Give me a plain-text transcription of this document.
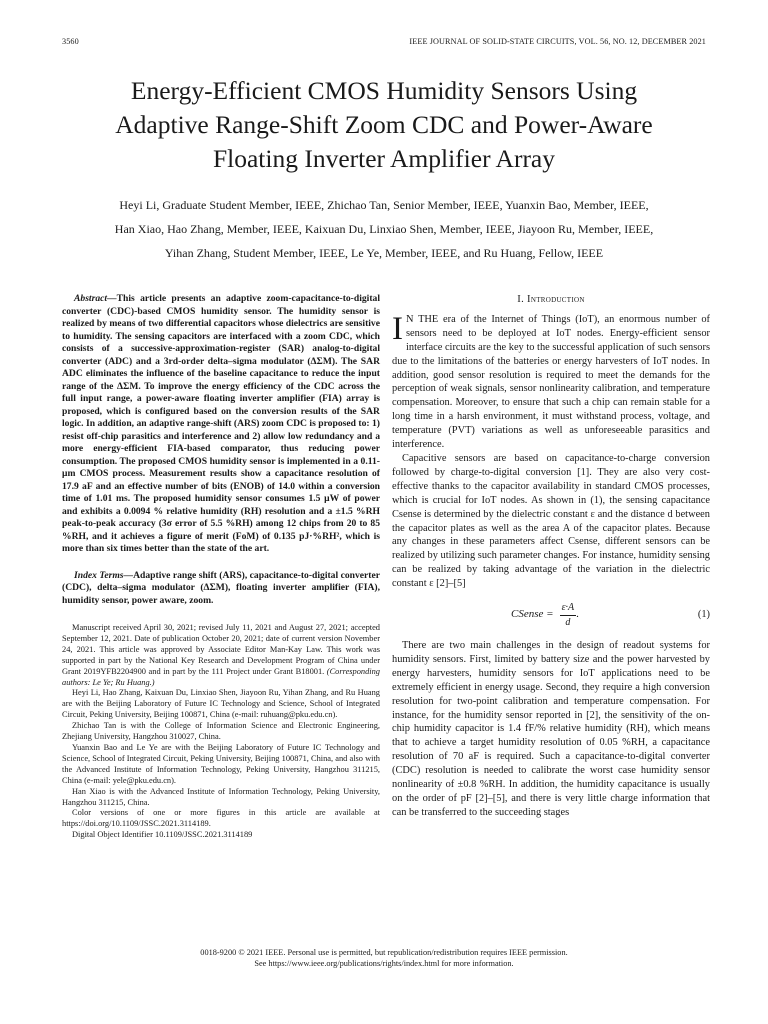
3560	IEEE JOURNAL OF SOLID-STATE CIRCUITS, VOL. 56, NO. 12, DECEMBER 2021
Energy-Efficient CMOS Humidity Sensors Using
Adaptive Range-Shift Zoom CDC and Power-Aware
Floating Inverter Amplifier Array
Heyi Li, Graduate Student Member, IEEE, Zhichao Tan, Senior Member, IEEE, Yuanxin Bao, Member, IEEE,
Han Xiao, Hao Zhang, Member, IEEE, Kaixuan Du, Linxiao Shen, Member, IEEE, Jiayoon Ru, Member, IEEE,
Yihan Zhang, Student Member, IEEE, Le Ye, Member, IEEE, and Ru Huang, Fellow, IEEE

Abstract—This article presents an adaptive zoom-capacitance-to-digital converter (CDC)-based CMOS humidity sensor. The humidity sensor is realized by means of two differential capacitors whose dielectrics are sensitive to humidity. The sensing capacitors are interfaced with a zoom CDC, which consists of a successive-approximation-register (SAR) analog-to-digital converter (ADC) and a 3rd-order delta–sigma modulator (ΔΣM). The SAR ADC eliminates the influence of the baseline capacitance to reduce the input range of the ΔΣM. To improve the energy efficiency of the CDC across the full input range, a power-aware floating inverter amplifier (FIA) array is proposed, which is configured based on the conversion results of the SAR logic. In addition, an adaptive range-shift (ARS) zoom CDC is proposed to: 1) resist off-chip parasitics and interference and 2) allow low redundancy and a more energy-efficient FIA-based comparator, thus reducing power consumption. The proposed CMOS humidity sensor is implemented in a 0.11-μm CMOS process. Measurement results show a capacitance resolution of 17.9 aF and an effective number of bits (ENOB) of 14.0 within a conversion time of 1.01 ms. The proposed humidity sensor consumes 1.5 μW of power and exhibits a 0.0094 % relative humidity (RH) resolution and a ±1.5 %RH peak-to-peak accuracy (3σ error of 5.5 %RH) among 12 chips from 20 to 85 %RH, and it achieves a figure of merit (FoM) of 0.135 pJ·%RH², which is more than six times better than the state of the art.

Index Terms—Adaptive range shift (ARS), capacitance-to-digital converter (CDC), delta–sigma modulator (ΔΣM), floating inverter amplifier (FIA), humidity sensor, power aware, zoom.

Manuscript received April 30, 2021; revised July 11, 2021 and August 27, 2021; accepted September 12, 2021. Date of publication October 20, 2021; date of current version November 24, 2021. This article was approved by Associate Editor Man-Kay Law. This work was supported in part by the National Key Research and Development Program of China under Grant 2019YFB2204900 and in part by the 111 Project under Grant B18001. (Corresponding authors: Le Ye; Ru Huang.)

Heyi Li, Hao Zhang, Kaixuan Du, Linxiao Shen, Jiayoon Ru, Yihan Zhang, and Ru Huang are with the Beijing Laboratory of Future IC Technology and Science, School of Integrated Circuit, Peking University, Beijing 100871, China (e-mail: ruhuang@pku.edu.cn).

Zhichao Tan is with the College of Information Science and Electronic Engineering, Zhejiang University, Hangzhou 310027, China.

Yuanxin Bao and Le Ye are with the Beijing Laboratory of Future IC Technology and Science, School of Integrated Circuit, Peking University, Beijing 100871, China, and also with the Advanced Institute of Information Technology, Peking University, Hangzhou 311215, China (e-mail: yele@pku.edu.cn).

Han Xiao is with the Advanced Institute of Information Technology, Peking University, Hangzhou 311215, China.

Color versions of one or more figures in this article are available at https://doi.org/10.1109/JSSC.2021.3114189.

Digital Object Identifier 10.1109/JSSC.2021.3114189

I. Introduction

I N THE era of the Internet of Things (IoT), an enormous number of sensors need to be deployed at IoT nodes. Energy-efficient sensor interface circuits are the key to the successful application of such sensors due to the limitations of the batteries or energy harvesters of IoT nodes. In addition, good sensor resolution is required to meet the demands for the perception of weak signals, sensor nonlinearity calibration, and temperature compensation. Moreover, to ensure that such a chip can remain stable for a long time in a harsh environment, it must withstand process, voltage, and temperature (PVT) variations as well as unforeseeable parasitics and interference.

Capacitive sensors are based on capacitance-to-charge conversion followed by charge-to-digital conversion [1]. They are also very cost-effective thanks to the capacitor availability in standard CMOS processes, which is crucial for IoT nodes. As shown in (1), the sensing capacitance Csense is determined by the dielectric constant ε and the distance d between the capacitor plates as well as the area A of the capacitor plates. Because any changes in these parameters affect Csense, different sensors can be realized by utilizing such parameter changes. For instance, humidity sensing can be realized by taking advantage of the variation in the dielectric constant ε [2]–[5]

CSense = $\frac{\varepsilon\cdot A}{d}$ .	(1)

There are two main challenges in the design of readout systems for humidity sensors. First, limited by battery size and the power harvested by energy harvesters, humidity sensors for IoT applications need to be extremely efficient in energy usage. Second, they require a high conversion resolution for two-point calibration and temperature compensation. For instance, for the humidity sensor reported in [2], the sensitivity of the on-chip humidity capacitor is 1.4 fF/% relative humidity (RH), which means that to achieve a target humidity resolution of 0.05 %RH, a capacitance resolution of 70 aF is required. Such a capacitance-to-digital converter (CDC) resolution is needed to calibrate the worst case humidity sensor nonlinearity of ±0.8 %RH. In addition, the humidity capacitance is usually on the order of pF [2]–[5], and there is very little charge information that can be transferred to the succeeding stages

0018-9200 © 2021 IEEE. Personal use is permitted, but republication/redistribution requires IEEE permission.
See https://www.ieee.org/publications/rights/index.html for more information.
